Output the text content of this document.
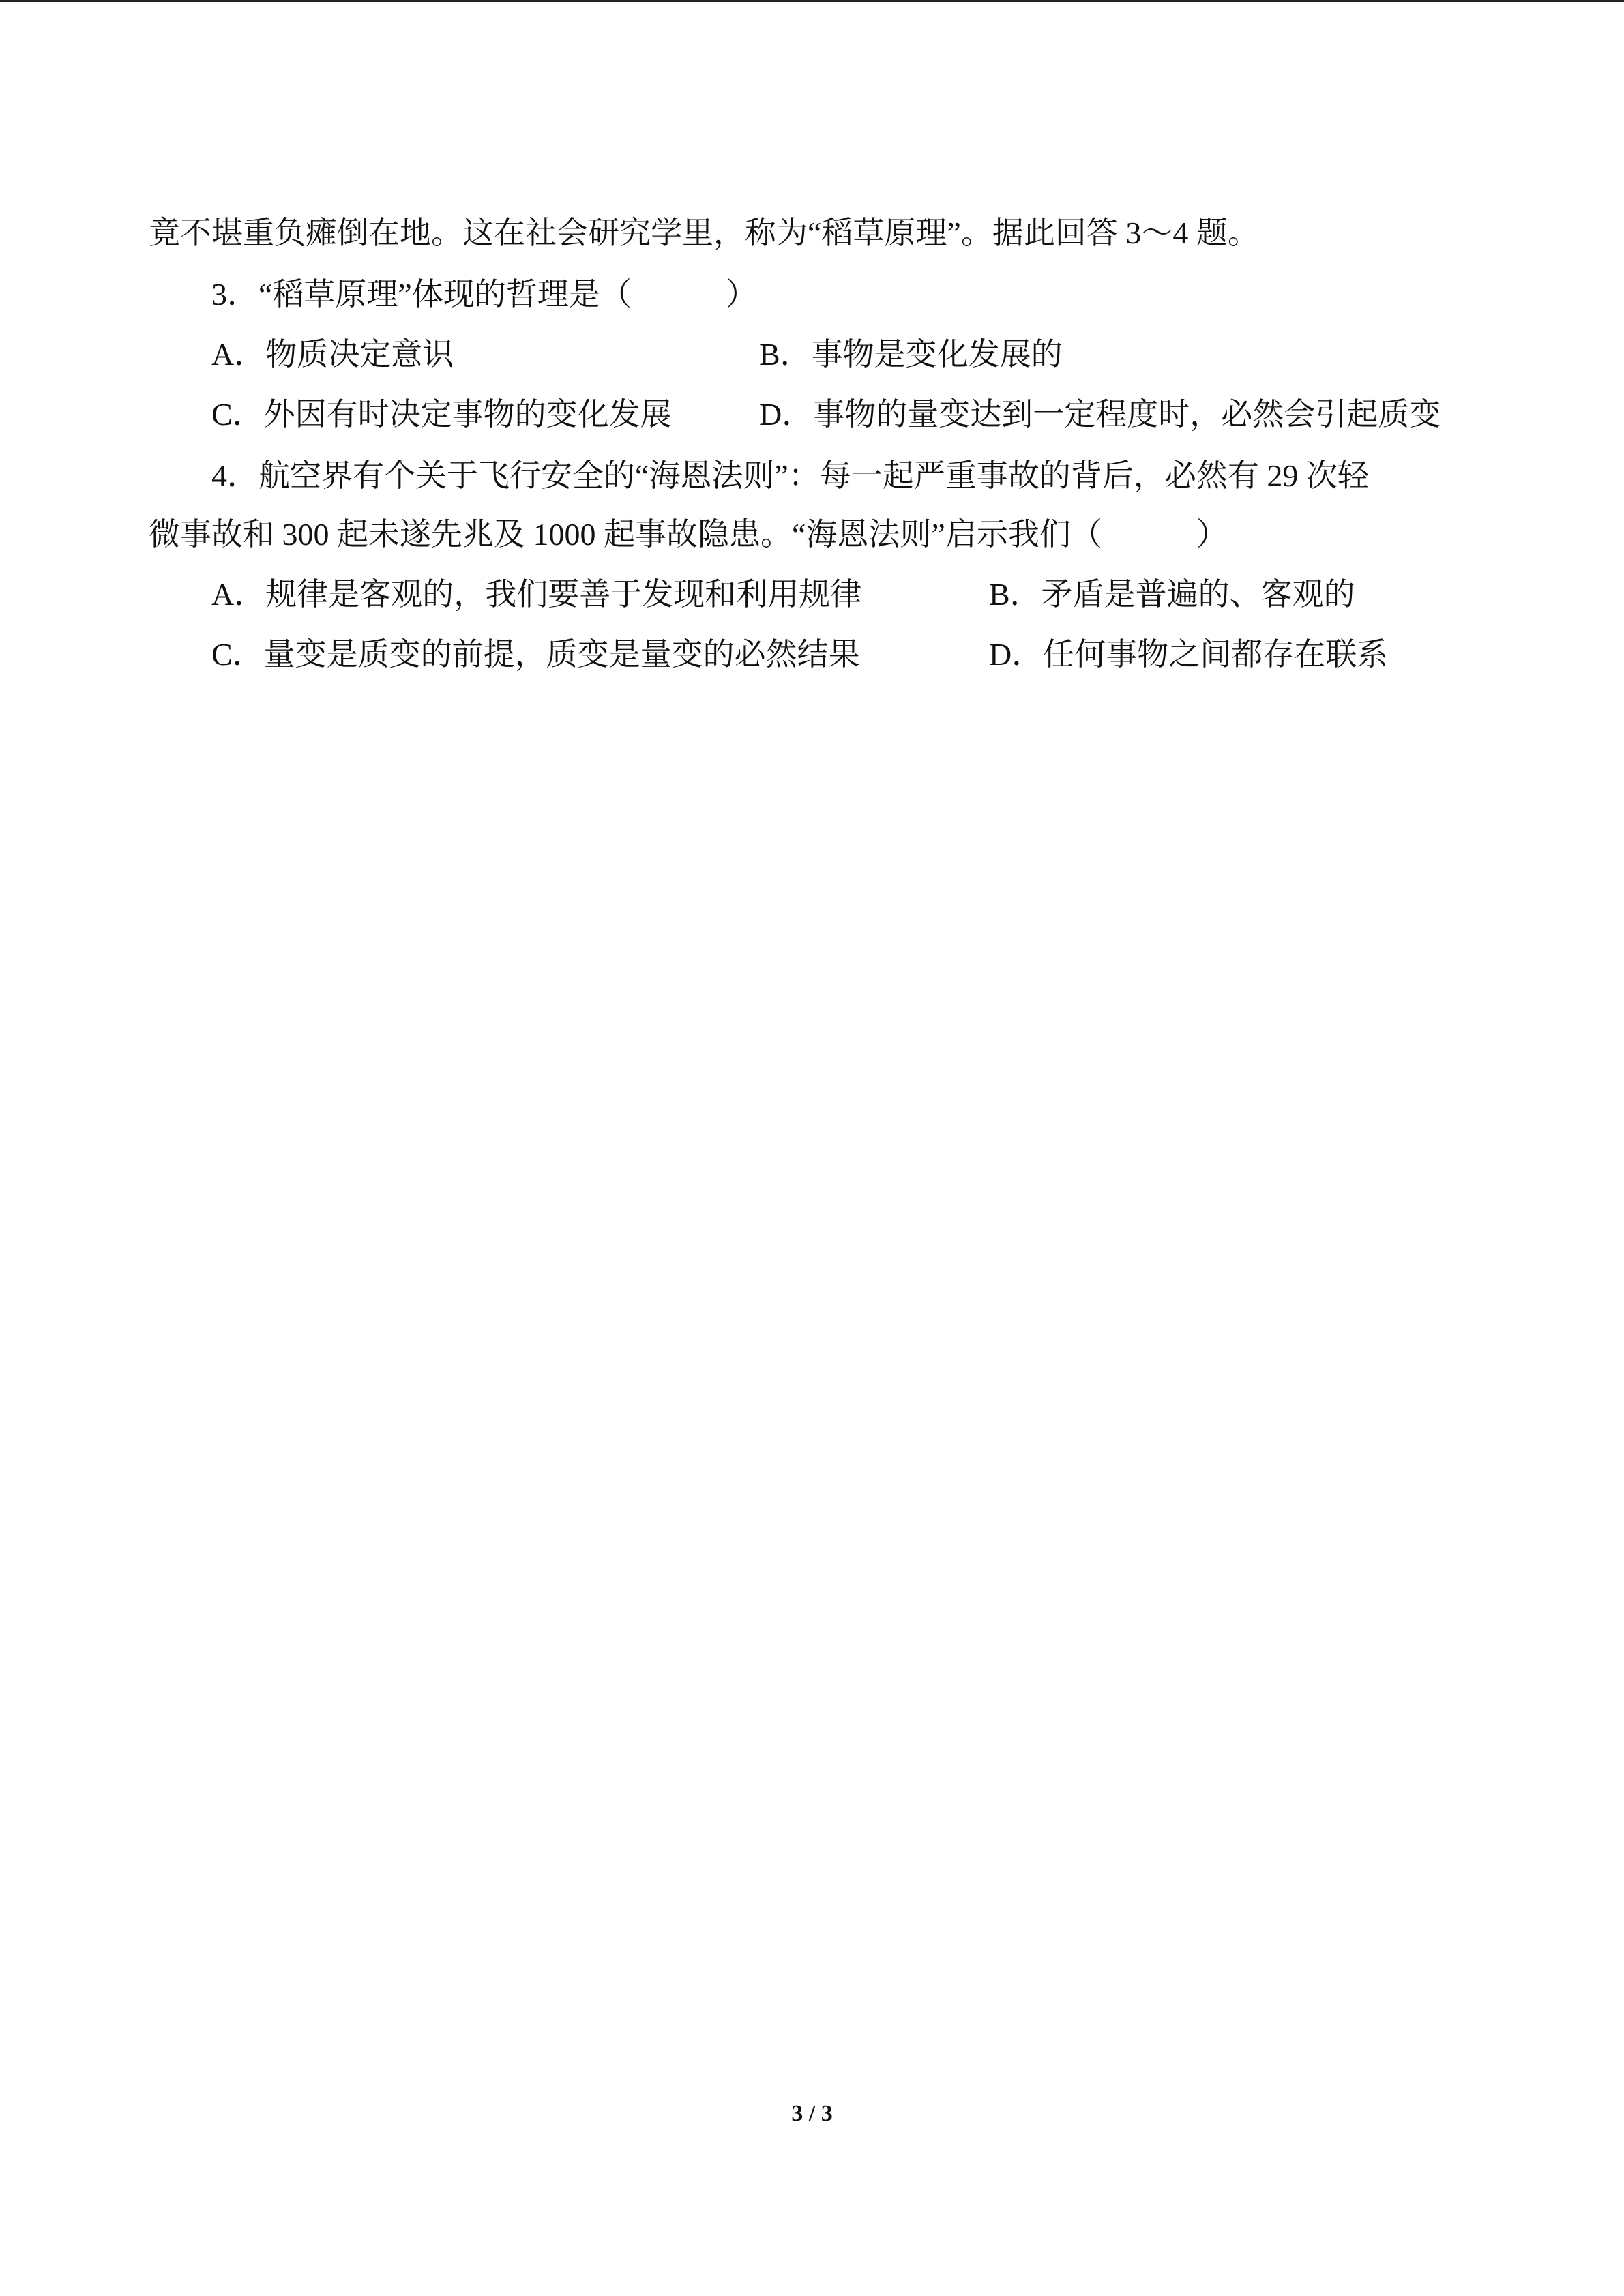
竟不堪重负瘫倒在地。这在社会研究学里，称为“稻草原理”。据此回答 3～4 题。
3．“稻草原理”体现的哲理是（　　　）
A．物质决定意识	B．事物是变化发展的
C．外因有时决定事物的变化发展	D．事物的量变达到一定程度时，必然会引起质变
4．航空界有个关于飞行安全的“海恩法则”：每一起严重事故的背后，必然有 29 次轻
微事故和 300 起未遂先兆及 1000 起事故隐患。“海恩法则”启示我们（　　　）
A．规律是客观的，我们要善于发现和利用规律	B．矛盾是普遍的、客观的
C．量变是质变的前提，质变是量变的必然结果	D．任何事物之间都存在联系
3 / 3
